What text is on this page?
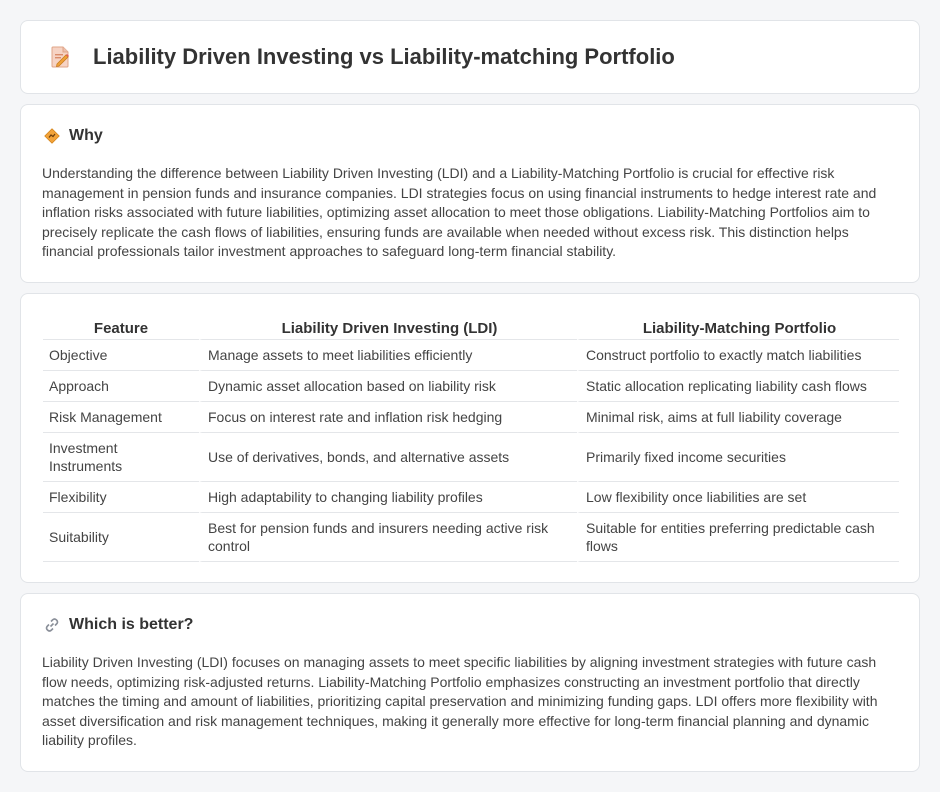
Liability Driven Investing vs Liability-matching Portfolio
Why

Understanding the difference between Liability Driven Investing (LDI) and a Liability-Matching Portfolio is crucial for effective risk management in pension funds and insurance companies. LDI strategies focus on using financial instruments to hedge interest rate and inflation risks associated with future liabilities, optimizing asset allocation to meet those obligations. Liability-Matching Portfolios aim to precisely replicate the cash flows of liabilities, ensuring funds are available when needed without excess risk. This distinction helps financial professionals tailor investment approaches to safeguard long-term financial stability.

Feature	Liability Driven Investing (LDI)	Liability-Matching Portfolio
Objective	Manage assets to meet liabilities efficiently	Construct portfolio to exactly match liabilities
Approach	Dynamic asset allocation based on liability risk	Static allocation replicating liability cash flows
Risk Management	Focus on interest rate and inflation risk hedging	Minimal risk, aims at full liability coverage
Investment Instruments	Use of derivatives, bonds, and alternative assets	Primarily fixed income securities
Flexibility	High adaptability to changing liability profiles	Low flexibility once liabilities are set
Suitability	Best for pension funds and insurers needing active risk control	Suitable for entities preferring predictable cash flows
Which is better?

Liability Driven Investing (LDI) focuses on managing assets to meet specific liabilities by aligning investment strategies with future cash flow needs, optimizing risk-adjusted returns. Liability-Matching Portfolio emphasizes constructing an investment portfolio that directly matches the timing and amount of liabilities, prioritizing capital preservation and minimizing funding gaps. LDI offers more flexibility with asset diversification and risk management techniques, making it generally more effective for long-term financial planning and dynamic liability profiles.
